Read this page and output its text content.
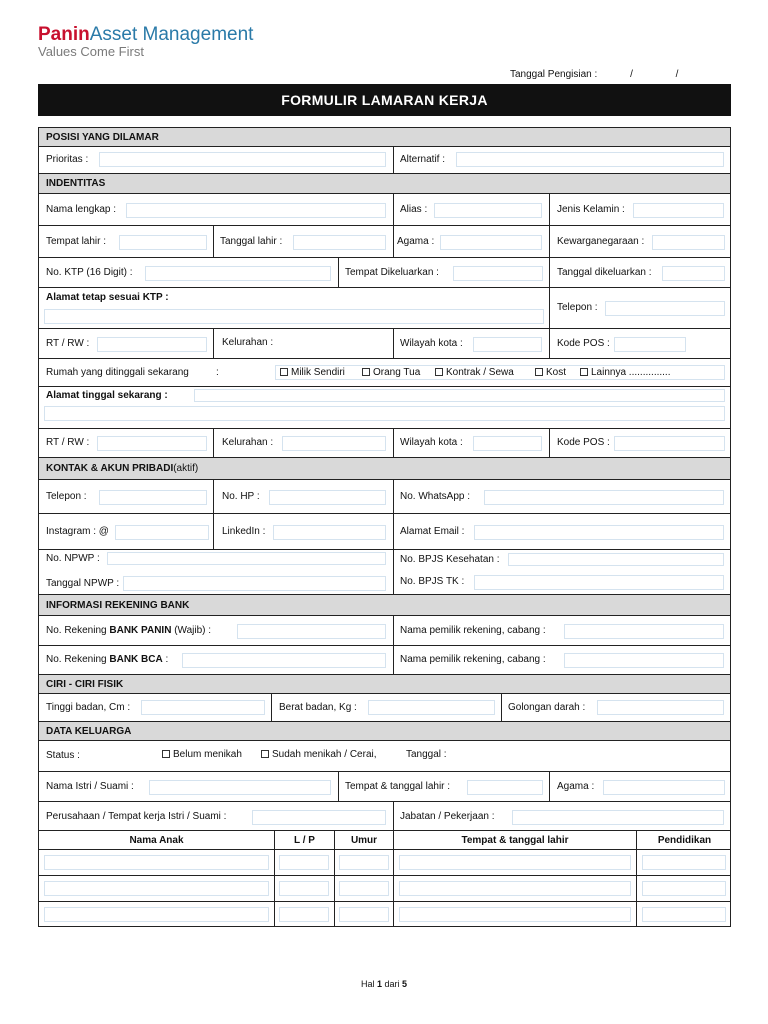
PaninAsset Management
Values Come First
Tanggal Pengisian :	/	/
FORMULIR LAMARAN KERJA
POSISI YANG DILAMAR
Prioritas :	Alternatif :
INDENTITAS
Nama lengkap :	Alias :	Jenis Kelamin :
Tempat lahir :	Tanggal lahir :	Agama :	Kewarganegaraan :
No. KTP (16 Digit) :	Tempat Dikeluarkan :	Tanggal dikeluarkan :
Alamat tetap sesuai KTP :
Telepon :
RT / RW :	Kelurahan :	Wilayah kota :	Kode POS :
Rumah yang ditinggali sekarang	:	Milik Sendiri	Orang Tua	Kontrak / Sewa	Kost	Lainnya ...............
Alamat tinggal sekarang :
RT / RW :	Kelurahan :	Wilayah kota :	Kode POS :
KONTAK & AKUN PRIBADI (aktif)
Telepon :	No. HP :	No. WhatsApp :
Instagram : @	LinkedIn :	Alamat Email :
No. NPWP :
Tanggal NPWP :
No. BPJS Kesehatan :
No. BPJS TK :
INFORMASI REKENING BANK
No. Rekening BANK PANIN (Wajib) :	Nama pemilik rekening, cabang :
No. Rekening BANK BCA :	Nama pemilik rekening, cabang :
CIRI - CIRI FISIK
Tinggi badan, Cm :	Berat badan, Kg :	Golongan darah :
DATA KELUARGA
Status :	Belum menikah	Sudah menikah / Cerai,	Tanggal :
Nama Istri / Suami :	Tempat & tanggal lahir :	Agama :
Perusahaan / Tempat kerja Istri / Suami :	Jabatan / Pekerjaan :
Nama Anak	L / P	Umur	Tempat & tanggal lahir	Pendidikan
Hal 1 dari 5
